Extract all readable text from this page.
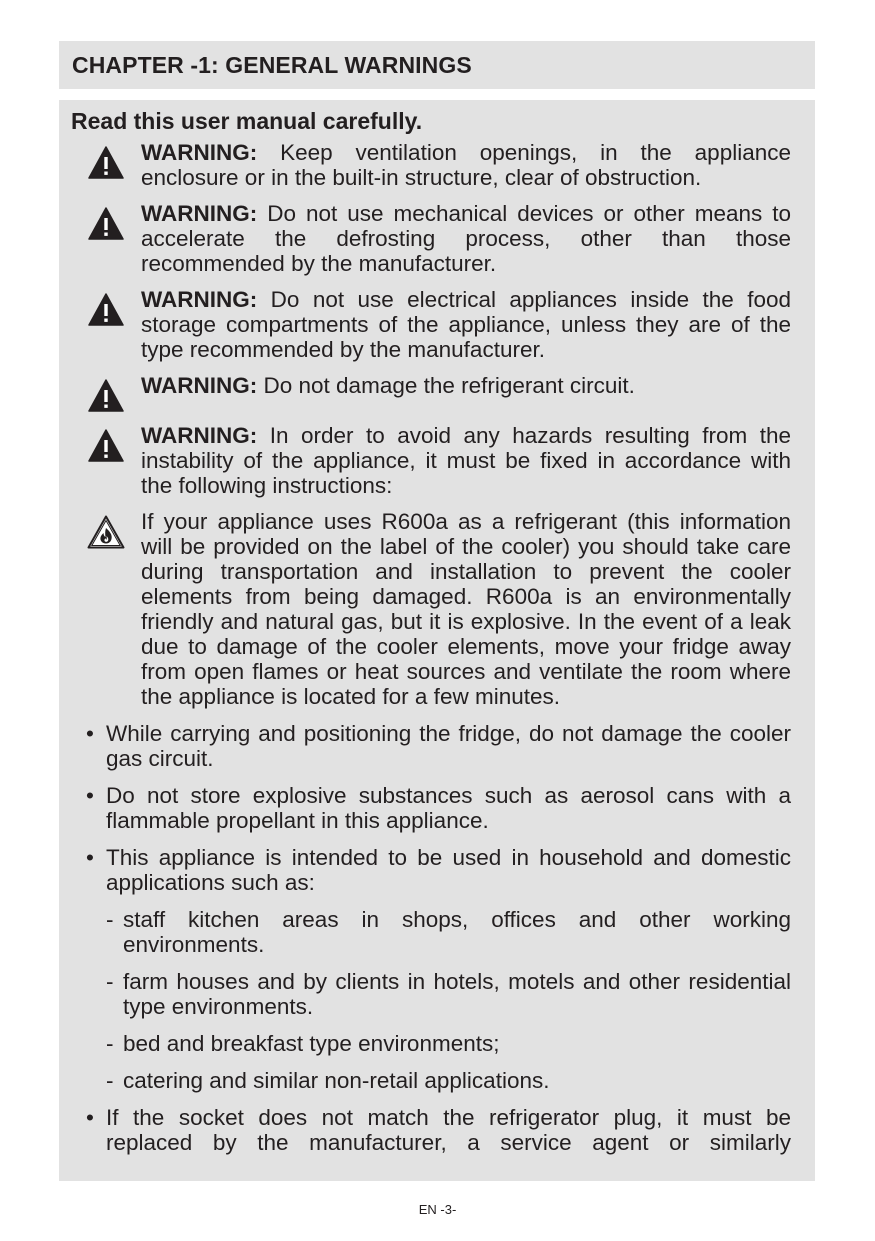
CHAPTER -1: GENERAL WARNINGS
Read this user manual carefully.
WARNING: Keep ventilation openings, in the appliance enclosure or in the built-in structure, clear of obstruction.
WARNING: Do not use mechanical devices or other means to accelerate the defrosting process, other than those recommended by the manufacturer.
WARNING: Do not use electrical appliances inside the food storage compartments of the appliance, unless they are of the type recommended by the manufacturer.
WARNING: Do not damage the refrigerant circuit.
WARNING: In order to avoid any hazards resulting from the instability of the appliance, it must be fixed in accordance with the following instructions:
If your appliance uses R600a as a refrigerant (this information will be provided on the label of the cooler) you should take care during transportation and installation to prevent the cooler elements from being damaged. R600a is an environmentally friendly and natural gas, but it is explosive. In the event of a leak due to damage of the cooler elements, move your fridge away from open flames or heat sources and ventilate the room where the appliance is located for a few minutes.
• While carrying and positioning the fridge, do not damage the cooler gas circuit.
• Do not store explosive substances such as aerosol cans with a flammable propellant in this appliance.
• This appliance is intended to be used in household and domestic applications such as:
- staff kitchen areas in shops, offices and other working environments.
- farm houses and by clients in hotels, motels and other residential type environments.
- bed and breakfast type environments;
- catering and similar non-retail applications.
• If the socket does not match the refrigerator plug, it must be replaced by the manufacturer, a service agent or similarly
EN -3-
